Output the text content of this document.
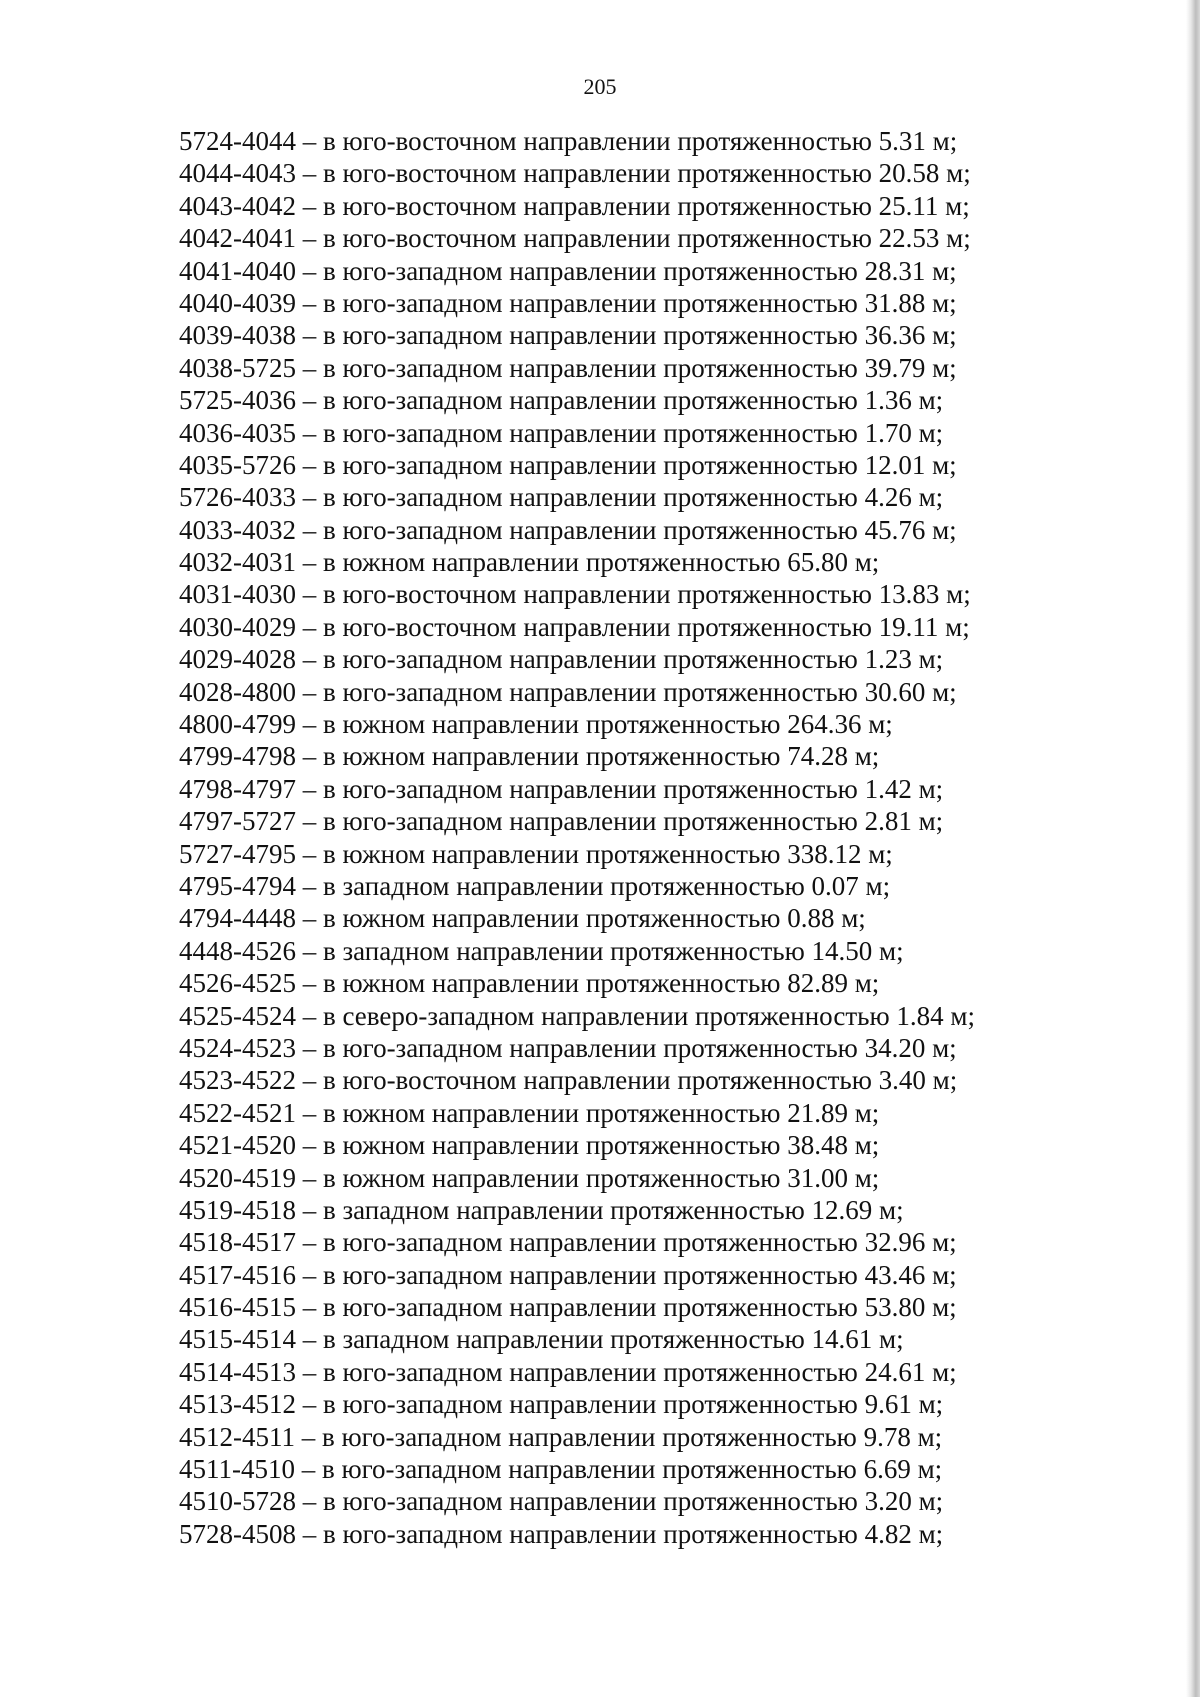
205
5724-4044 – в юго-восточном направлении протяженностью 5.31 м;
4044-4043 – в юго-восточном направлении протяженностью 20.58 м;
4043-4042 – в юго-восточном направлении протяженностью 25.11 м;
4042-4041 – в юго-восточном направлении протяженностью 22.53 м;
4041-4040 – в юго-западном направлении протяженностью 28.31 м;
4040-4039 – в юго-западном направлении протяженностью 31.88 м;
4039-4038 – в юго-западном направлении протяженностью 36.36 м;
4038-5725 – в юго-западном направлении протяженностью 39.79 м;
5725-4036 – в юго-западном направлении протяженностью 1.36 м;
4036-4035 – в юго-западном направлении протяженностью 1.70 м;
4035-5726 – в юго-западном направлении протяженностью 12.01 м;
5726-4033 – в юго-западном направлении протяженностью 4.26 м;
4033-4032 – в юго-западном направлении протяженностью 45.76 м;
4032-4031 – в южном направлении протяженностью 65.80 м;
4031-4030 – в юго-восточном направлении протяженностью 13.83 м;
4030-4029 – в юго-восточном направлении протяженностью 19.11 м;
4029-4028 – в юго-западном направлении протяженностью 1.23 м;
4028-4800 – в юго-западном направлении протяженностью 30.60 м;
4800-4799 – в южном направлении протяженностью 264.36 м;
4799-4798 – в южном направлении протяженностью 74.28 м;
4798-4797 – в юго-западном направлении протяженностью 1.42 м;
4797-5727 – в юго-западном направлении протяженностью 2.81 м;
5727-4795 – в южном направлении протяженностью 338.12 м;
4795-4794 – в западном направлении протяженностью 0.07 м;
4794-4448 – в южном направлении протяженностью 0.88 м;
4448-4526 – в западном направлении протяженностью 14.50 м;
4526-4525 – в южном направлении протяженностью 82.89 м;
4525-4524 – в северо-западном направлении протяженностью 1.84 м;
4524-4523 – в юго-западном направлении протяженностью 34.20 м;
4523-4522 – в юго-восточном направлении протяженностью 3.40 м;
4522-4521 – в южном направлении протяженностью 21.89 м;
4521-4520 – в южном направлении протяженностью 38.48 м;
4520-4519 – в южном направлении протяженностью 31.00 м;
4519-4518 – в западном направлении протяженностью 12.69 м;
4518-4517 – в юго-западном направлении протяженностью 32.96 м;
4517-4516 – в юго-западном направлении протяженностью 43.46 м;
4516-4515 – в юго-западном направлении протяженностью 53.80 м;
4515-4514 – в западном направлении протяженностью 14.61 м;
4514-4513 – в юго-западном направлении протяженностью 24.61 м;
4513-4512 – в юго-западном направлении протяженностью 9.61 м;
4512-4511 – в юго-западном направлении протяженностью 9.78 м;
4511-4510 – в юго-западном направлении протяженностью 6.69 м;
4510-5728 – в юго-западном направлении протяженностью 3.20 м;
5728-4508 – в юго-западном направлении протяженностью 4.82 м;
